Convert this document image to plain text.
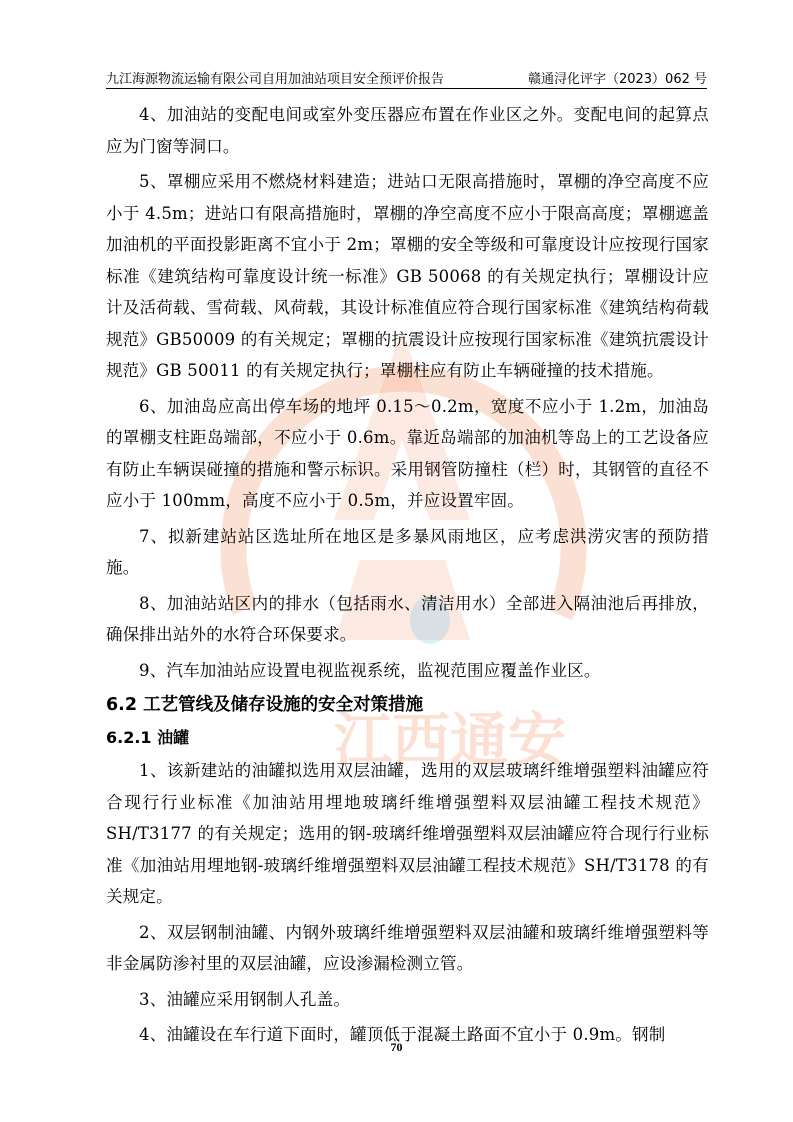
江西通安
九江海源物流运输有限公司自用加油站项目安全预评价报告	赣通浔化评字（2023）062 号

4、加油站的变配电间或室外变压器应布置在作业区之外。变配电间的起算点应为门窗等洞口。

5、罩棚应采用不燃烧材料建造；进站口无限高措施时，罩棚的净空高度不应小于 4.5m；进站口有限高措施时，罩棚的净空高度不应小于限高高度；罩棚遮盖加油机的平面投影距离不宜小于 2m；罩棚的安全等级和可靠度设计应按现行国家标准《建筑结构可靠度设计统一标准》GB 50068 的有关规定执行；罩棚设计应计及活荷载、雪荷载、风荷载，其设计标准值应符合现行国家标准《建筑结构荷载规范》GB50009 的有关规定；罩棚的抗震设计应按现行国家标准《建筑抗震设计规范》GB 50011 的有关规定执行；罩棚柱应有防止车辆碰撞的技术措施。

6、加油岛应高出停车场的地坪 0.15～0.2m，宽度不应小于 1.2m，加油岛的罩棚支柱距岛端部，不应小于 0.6m。靠近岛端部的加油机等岛上的工艺设备应有防止车辆误碰撞的措施和警示标识。采用钢管防撞柱（栏）时，其钢管的直径不应小于 100mm，高度不应小于 0.5m，并应设置牢固。

7、拟新建站站区选址所在地区是多暴风雨地区，应考虑洪涝灾害的预防措施。

8、加油站站区内的排水（包括雨水、清洁用水）全部进入隔油池后再排放，确保排出站外的水符合环保要求。

9、汽车加油站应设置电视监视系统，监视范围应覆盖作业区。

6.2 工艺管线及储存设施的安全对策措施
6.2.1 油罐

1、该新建站的油罐拟选用双层油罐，选用的双层玻璃纤维增强塑料油罐应符合现行行业标准《加油站用埋地玻璃纤维增强塑料双层油罐工程技术规范》SH/T3177 的有关规定；选用的钢-玻璃纤维增强塑料双层油罐应符合现行行业标准《加油站用埋地钢-玻璃纤维增强塑料双层油罐工程技术规范》SH/T3178 的有关规定。

2、双层钢制油罐、内钢外玻璃纤维增强塑料双层油罐和玻璃纤维增强塑料等非金属防渗衬里的双层油罐，应设渗漏检测立管。

3、油罐应采用钢制人孔盖。

4、油罐设在车行道下面时，罐顶低于混凝土路面不宜小于 0.9m。钢制

70
